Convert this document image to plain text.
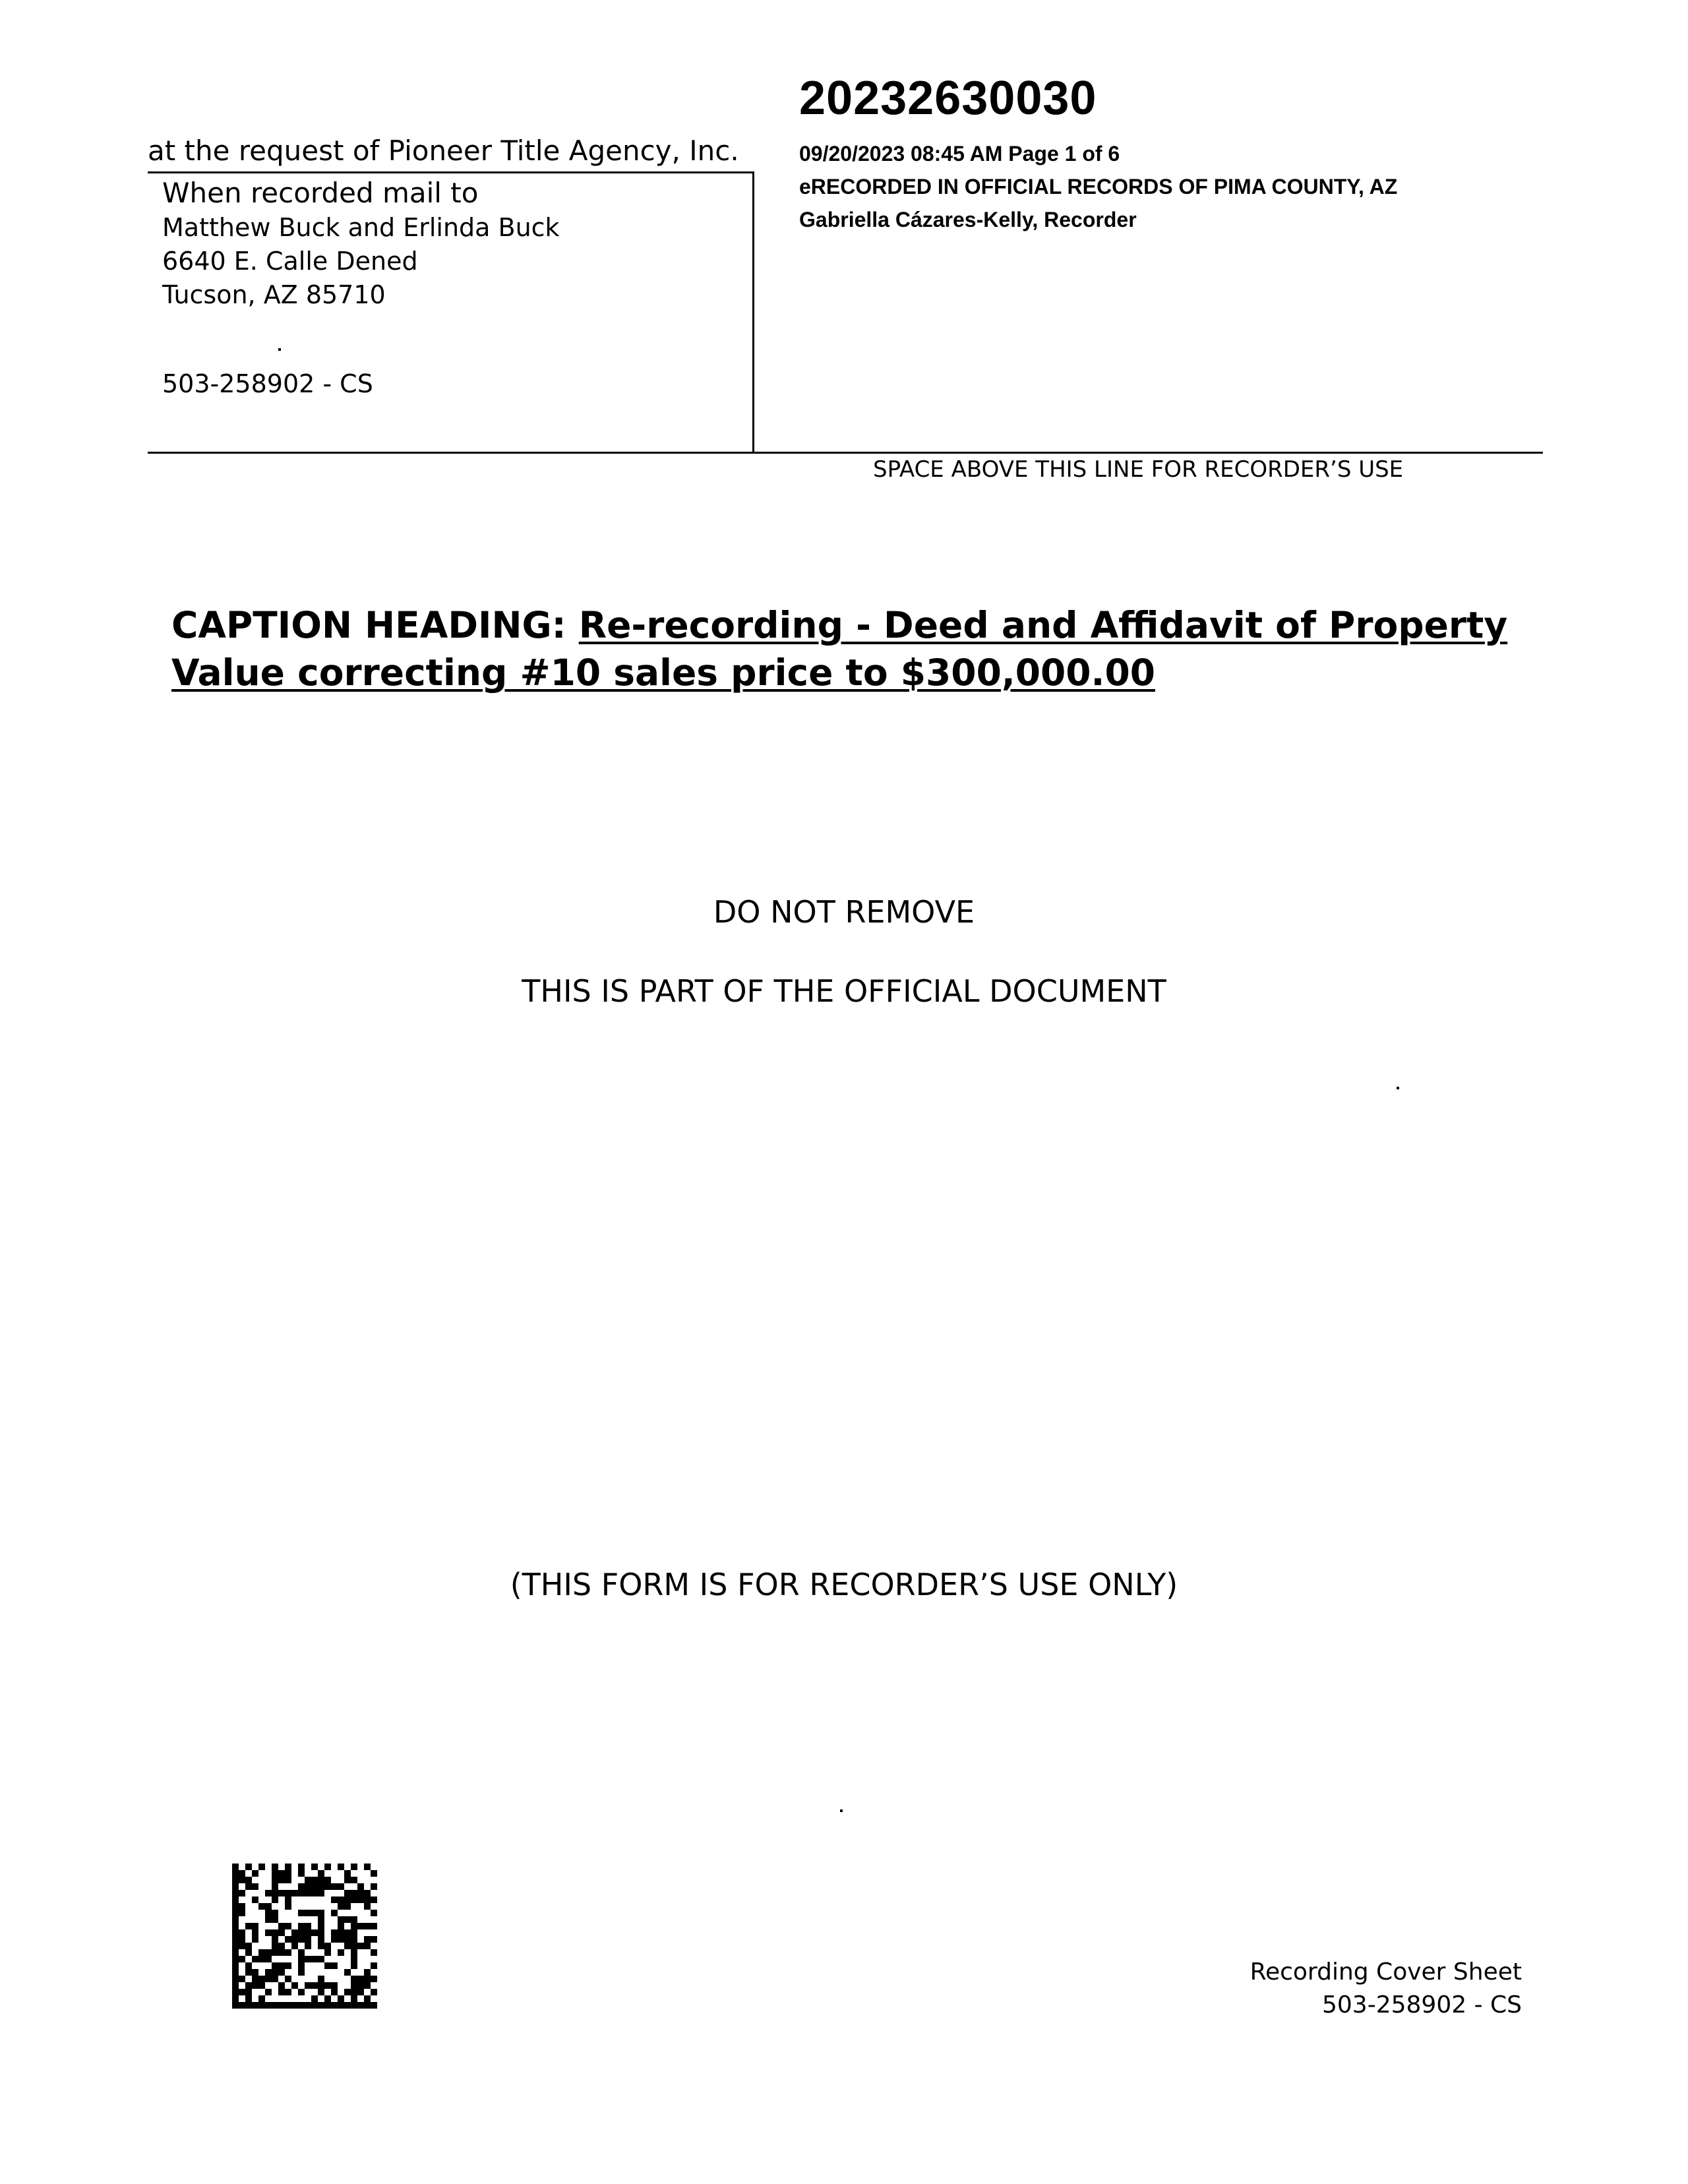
20232630030
09/20/2023 08:45 AM Page 1 of 6
eRECORDED IN OFFICIAL RECORDS OF PIMA COUNTY, AZ
Gabriella Cázares-Kelly, Recorder
at the request of Pioneer Title Agency, Inc.
When recorded mail to
Matthew Buck and Erlinda Buck
6640 E. Calle Dened
Tucson, AZ 85710
503-258902 - CS
SPACE ABOVE THIS LINE FOR RECORDER’S USE
CAPTION HEADING: Re-recording - Deed and Affidavit of Property
Value correcting #10 sales price to $300,000.00
DO NOT REMOVE
THIS IS PART OF THE OFFICIAL DOCUMENT
(THIS FORM IS FOR RECORDER’S USE ONLY)
Recording Cover Sheet
503-258902 - CS
